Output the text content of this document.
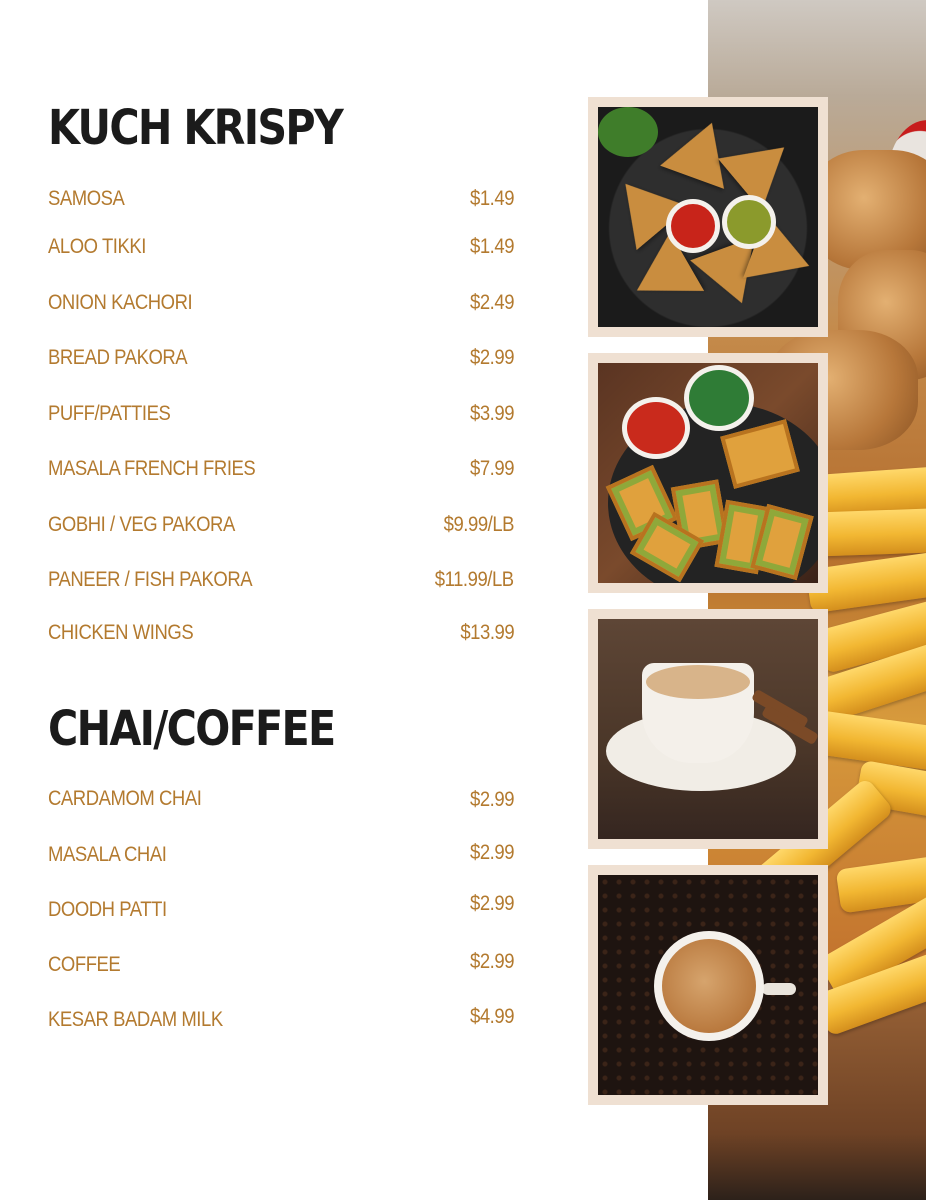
KUCH KRISPY
SAMOSA	$1.49
ALOO TIKKI	$1.49
ONION KACHORI	$2.49
BREAD PAKORA	$2.99
PUFF/PATTIES	$3.99
MASALA FRENCH FRIES	$7.99
GOBHI / VEG PAKORA	$9.99/LB
PANEER / FISH PAKORA	$11.99/LB
CHICKEN WINGS	$13.99
CHAI/COFFEE
CARDAMOM CHAI	$2.99
MASALA CHAI	$2.99
DOODH PATTI	$2.99
COFFEE	$2.99
KESAR BADAM MILK	$4.99
